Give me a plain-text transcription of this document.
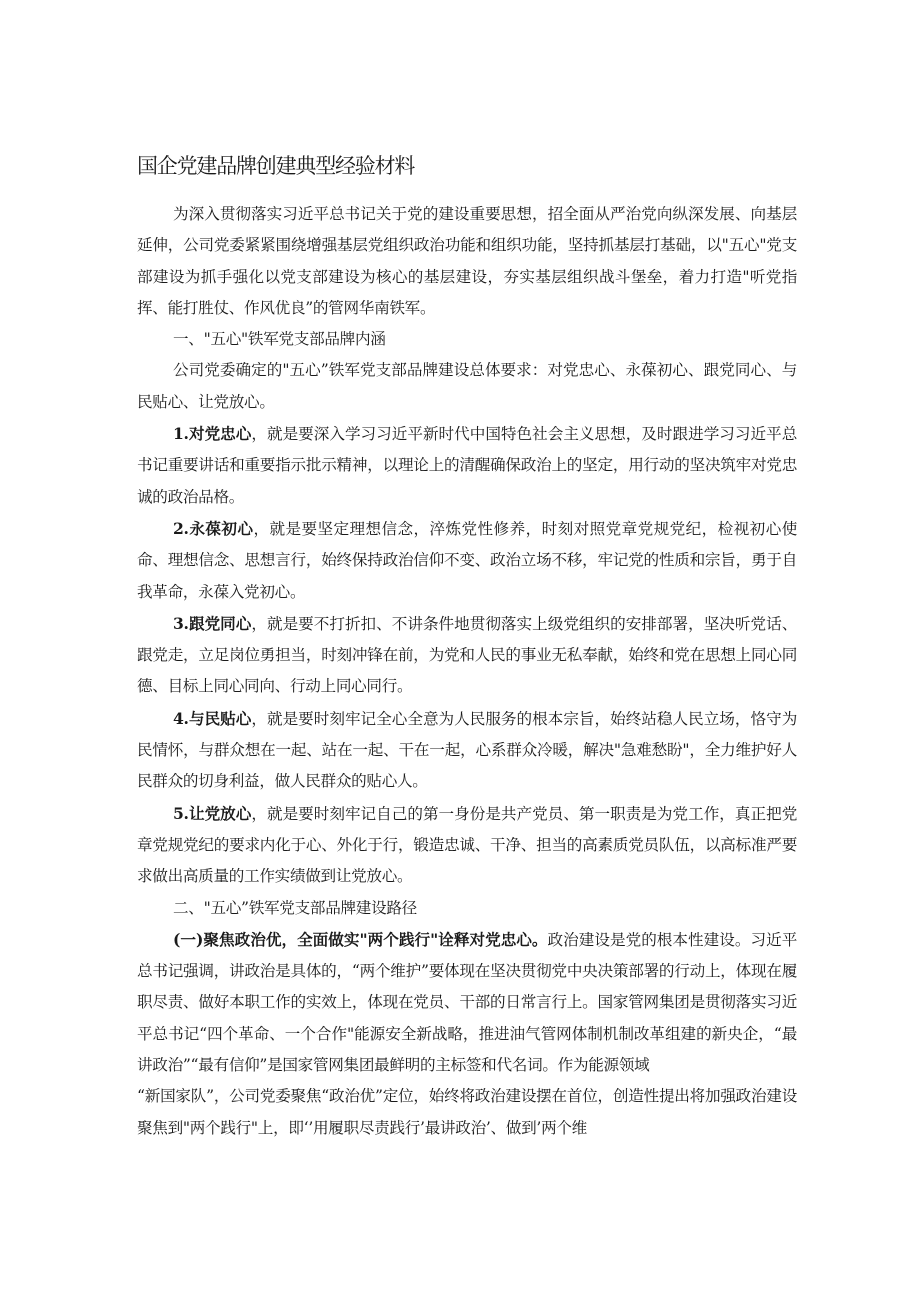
国企党建品牌创建典型经验材料

为深入贯彻落实习近平总书记关于党的建设重要思想，招全面从严治党向纵深发展、向基层延伸，公司党委紧紧围绕增强基层党组织政治功能和组织功能，坚持抓基层打基础，以"五心"党支部建设为抓手强化以党支部建设为核心的基层建设，夯实基层组织战斗堡垒，着力打造"听党指挥、能打胜仗、作风优良”的管网华南铁军。

一、"五心"铁军党支部品牌内涵

公司党委确定的"五心”铁军党支部品牌建设总体要求：对党忠心、永葆初心、跟党同心、与民贴心、让党放心。

1.对党忠心，就是要深入学习习近平新时代中国特色社会主义思想，及时跟进学习习近平总书记重要讲话和重要指示批示精神，以理论上的清醒确保政治上的坚定，用行动的坚决筑牢对党忠诚的政治品格。

2.永葆初心，就是要坚定理想信念，淬炼党性修养，时刻对照党章党规党纪，检视初心使命、理想信念、思想言行，始终保持政治信仰不变、政治立场不移，牢记党的性质和宗旨，勇于自我革命，永葆入党初心。

3.跟党同心，就是要不打折扣、不讲条件地贯彻落实上级党组织的安排部署，坚决听党话、跟党走，立足岗位勇担当，时刻冲锋在前，为党和人民的事业无私奉献，始终和党在思想上同心同德、目标上同心同向、行动上同心同行。

4.与民贴心，就是要时刻牢记全心全意为人民服务的根本宗旨，始终站稳人民立场，恪守为民情怀，与群众想在一起、站在一起、干在一起，心系群众冷暖，解决"急难愁盼"，全力维护好人民群众的切身利益，做人民群众的贴心人。

5.让党放心，就是要时刻牢记自己的第一身份是共产党员、第一职责是为党工作，真正把党章党规党纪的要求内化于心、外化于行，锻造忠诚、干净、担当的高素质党员队伍，以高标准严要求做出高质量的工作实绩做到让党放心。

二、"五心”铁军党支部品牌建设路径

(一)聚焦政治优，全面做实"两个践行"诠释对党忠心。政治建设是党的根本性建设。习近平总书记强调，讲政治是具体的，“两个维护”要体现在坚决贯彻党中央决策部署的行动上，体现在履职尽责、做好本职工作的实效上，体现在党员、干部的日常言行上。国家管网集团是贯彻落实习近平总书记“四个革命、一个合作"能源安全新战略，推进油气管网体制机制改革组建的新央企，“最讲政治”“最有信仰”是国家管网集团最鲜明的主标签和代名词。作为能源领域

“新国家队”，公司党委聚焦“政治优”定位，始终将政治建设摆在首位，创造性提出将加强政治建设聚焦到"两个践行"上，即‘’用履职尽责践行’最讲政治’、做到’两个维
